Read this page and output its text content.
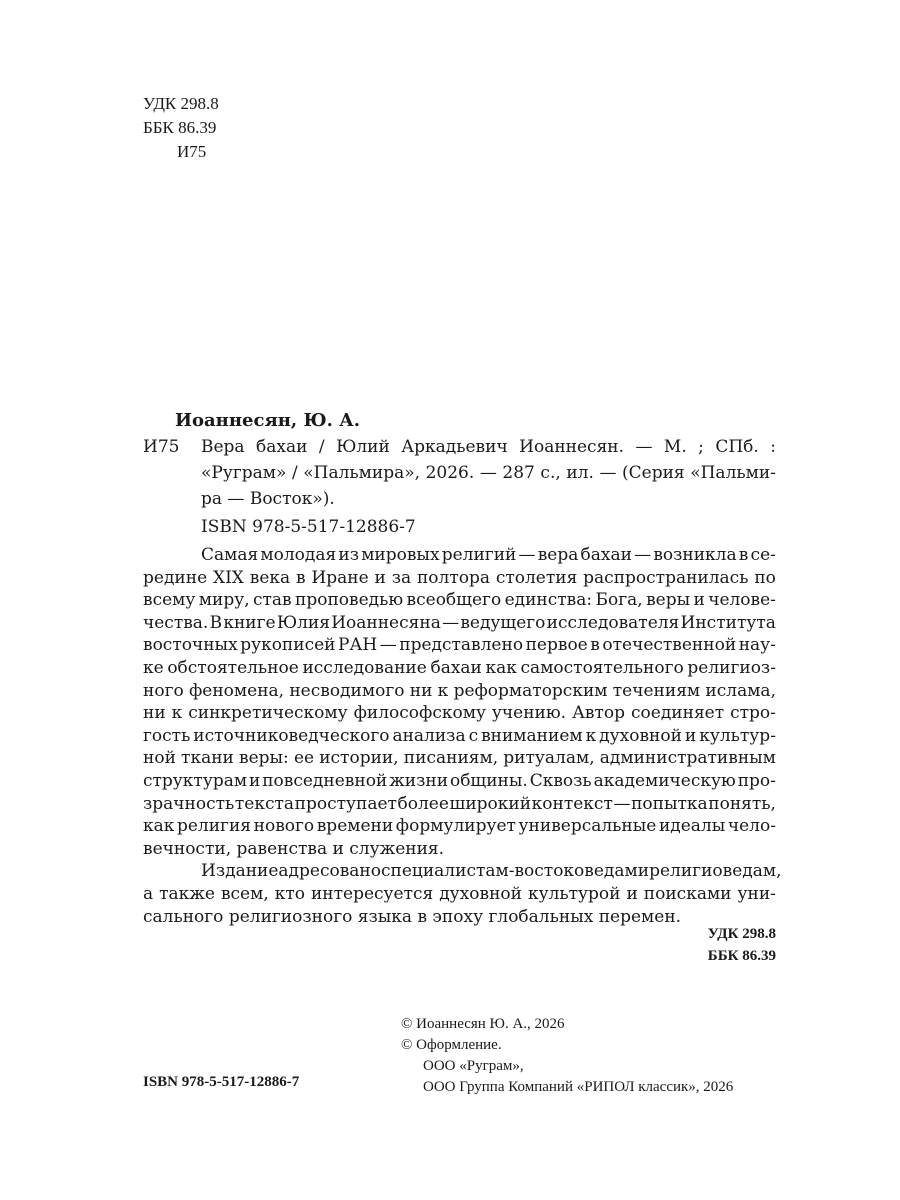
УДК 298.8
ББК 86.39
И75
Иоаннесян, Ю. А.
И75	Вера бахаи / Юлий Аркадьевич Иоаннесян. — М. ; СПб. :
«Руграм» / «Пальмира», 2026. — 287 с., ил. — (Серия «Пальми-
ра — Восток»).
ISBN 978-5-517-12886-7
Самая молодая из мировых религий — вера бахаи — возникла в се-
редине XIX века в Иране и за полтора столетия распространилась по
всему миру, став проповедью всеобщего единства: Бога, веры и челове-
чества. В книге Юлия Иоаннесяна — ведущего исследователя Института
восточных рукописей РАН — представлено первое в отечественной нау-
ке обстоятельное исследование бахаи как самостоятельного религиоз-
ного феномена, несводимого ни к реформаторским течениям ислама,
ни к синкретическому философскому учению. Автор соединяет стро-
гость источниковедческого анализа с вниманием к духовной и культур-
ной ткани веры: ее истории, писаниям, ритуалам, административным
структурам и повседневной жизни общины. Сквозь академическую про-
зрачность текста проступает более широкий контекст — попытка понять,
как религия нового времени формулирует универсальные идеалы чело-
вечности, равенства и служения.
Издание адресовано специалистам-востоковедам и религиоведам,
а также всем, кто интересуется духовной культурой и поисками уни-
сального религиозного языка в эпоху глобальных перемен.
УДК 298.8
ББК 86.39
© Иоаннесян Ю. А., 2026
© Оформление.
ООО «Руграм»,
ООО Группа Компаний «РИПОЛ классик», 2026
ISBN 978-5-517-12886-7
